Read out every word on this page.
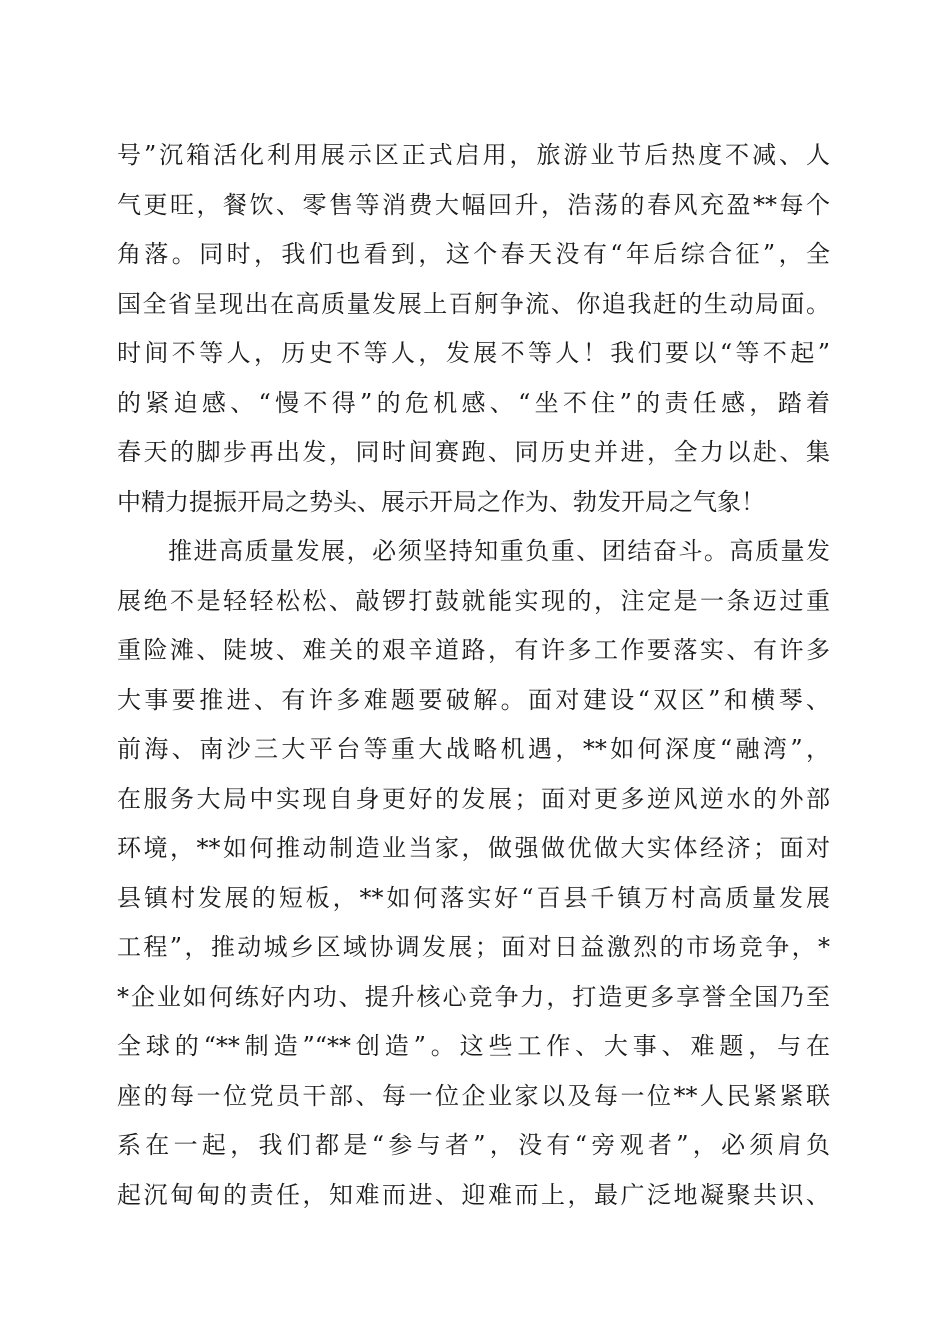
号”沉箱活化利用展示区正式启用，旅游业节后热度不减、人
气更旺，餐饮、零售等消费大幅回升，浩荡的春风充盈**每个
角落。同时，我们也看到，这个春天没有“年后综合征”，全
国全省呈现出在高质量发展上百舸争流、你追我赶的生动局面。
时间不等人，历史不等人，发展不等人！我们要以“等不起”
的紧迫感、“慢不得”的危机感、“坐不住”的责任感，踏着
春天的脚步再出发，同时间赛跑、同历史并进，全力以赴、集
中精力提振开局之势头、展示开局之作为、勃发开局之气象！
　　推进高质量发展，必须坚持知重负重、团结奋斗。高质量发
展绝不是轻轻松松、敲锣打鼓就能实现的，注定是一条迈过重
重险滩、陡坡、难关的艰辛道路，有许多工作要落实、有许多
大事要推进、有许多难题要破解。面对建设“双区”和横琴、
前海、南沙三大平台等重大战略机遇，**如何深度“融湾”，
在服务大局中实现自身更好的发展；面对更多逆风逆水的外部
环境，**如何推动制造业当家，做强做优做大实体经济；面对
县镇村发展的短板，**如何落实好“百县千镇万村高质量发展
工程”，推动城乡区域协调发展；面对日益激烈的市场竞争，*
*企业如何练好内功、提升核心竞争力，打造更多享誉全国乃至
全球的“**制造”“**创造”。这些工作、大事、难题，与在
座的每一位党员干部、每一位企业家以及每一位**人民紧紧联
系在一起，我们都是“参与者”，没有“旁观者”，必须肩负
起沉甸甸的责任，知难而进、迎难而上，最广泛地凝聚共识、
